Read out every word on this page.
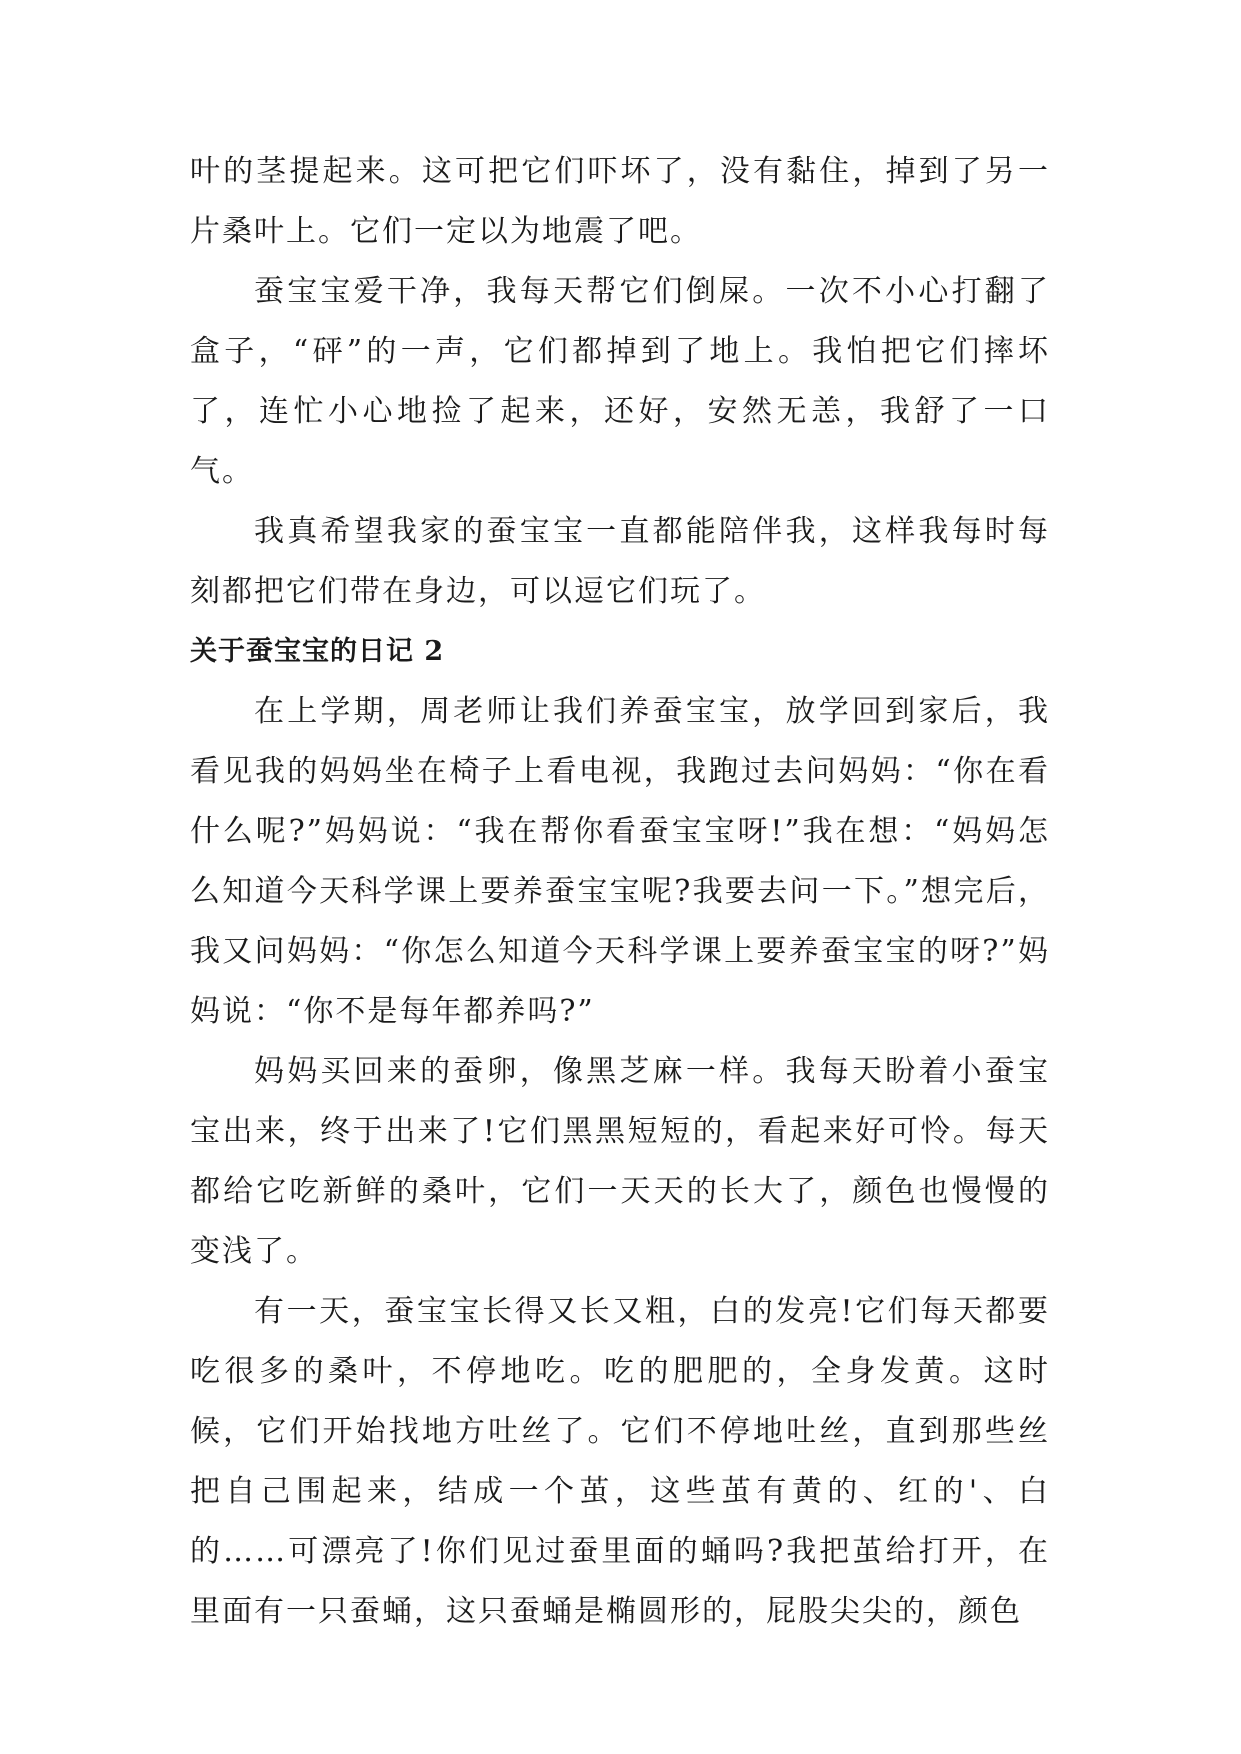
叶的茎提起来。这可把它们吓坏了，没有黏住，掉到了另一片桑叶上。它们一定以为地震了吧。

蚕宝宝爱干净，我每天帮它们倒屎。一次不小心打翻了盒子，“砰”的一声，它们都掉到了地上。我怕把它们摔坏了，连忙小心地捡了起来，还好，安然无恙，我舒了一口气。

我真希望我家的蚕宝宝一直都能陪伴我，这样我每时每刻都把它们带在身边，可以逗它们玩了。

关于蚕宝宝的日记 2

在上学期，周老师让我们养蚕宝宝，放学回到家后，我看见我的妈妈坐在椅子上看电视，我跑过去问妈妈：“你在看什么呢?”妈妈说：“我在帮你看蚕宝宝呀!”我在想：“妈妈怎么知道今天科学课上要养蚕宝宝呢?我要去问一下。”想完后，我又问妈妈：“你怎么知道今天科学课上要养蚕宝宝的呀?”妈妈说：“你不是每年都养吗?”

妈妈买回来的蚕卵，像黑芝麻一样。我每天盼着小蚕宝宝出来，终于出来了!它们黑黑短短的，看起来好可怜。每天都给它吃新鲜的桑叶，它们一天天的长大了，颜色也慢慢的变浅了。

有一天，蚕宝宝长得又长又粗，白的发亮!它们每天都要吃很多的桑叶，不停地吃。吃的肥肥的，全身发黄。这时候，它们开始找地方吐丝了。它们不停地吐丝，直到那些丝把自己围起来，结成一个茧，这些茧有黄的、红的'、白的……可漂亮了!你们见过蚕里面的蛹吗?我把茧给打开，在里面有一只蚕蛹，这只蚕蛹是椭圆形的，屁股尖尖的，颜色
